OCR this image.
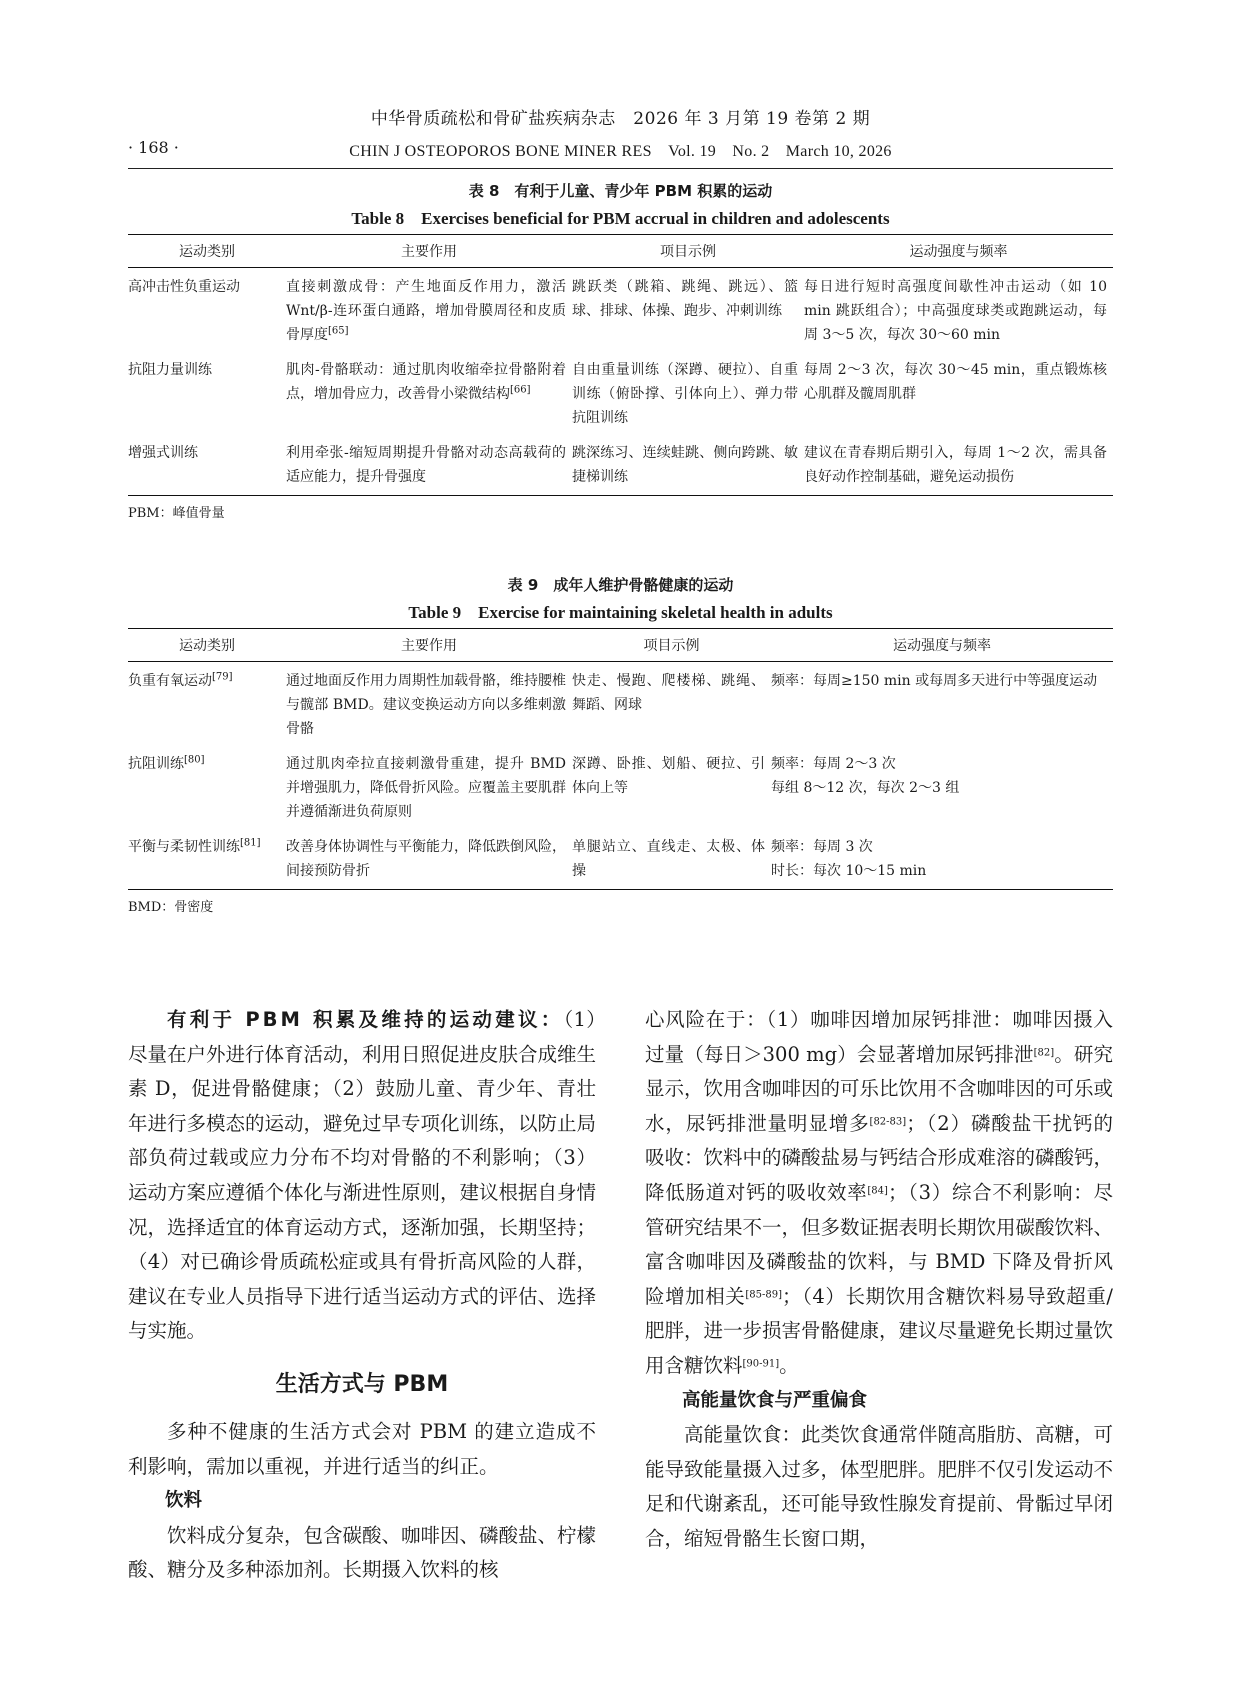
中华骨质疏松和骨矿盐疾病杂志　2026 年 3 月第 19 卷第 2 期
· 168 ·	CHIN J OSTEOPOROS BONE MINER RES　Vol. 19　No. 2　March 10, 2026
表 8　有利于儿童、青少年 PBM 积累的运动
Table 8　Exercises beneficial for PBM accrual in children and adolescents
运动类别	主要作用	项目示例	运动强度与频率
高冲击性负重运动	直接刺激成骨：产生地面反作用力，激活 Wnt/β-连环蛋白通路，增加骨膜周径和皮质骨厚度[65]	跳跃类（跳箱、跳绳、跳远）、篮球、排球、体操、跑步、冲刺训练	每日进行短时高强度间歇性冲击运动（如 10 min 跳跃组合）；中高强度球类或跑跳运动，每周 3～5 次，每次 30～60 min
抗阻力量训练	肌肉-骨骼联动：通过肌肉收缩牵拉骨骼附着点，增加骨应力，改善骨小梁微结构[66]	自由重量训练（深蹲、硬拉）、自重训练（俯卧撑、引体向上）、弹力带抗阻训练	每周 2～3 次，每次 30～45 min，重点锻炼核心肌群及髋周肌群
增强式训练	利用牵张-缩短周期提升骨骼对动态高载荷的适应能力，提升骨强度	跳深练习、连续蛙跳、侧向跨跳、敏捷梯训练	建议在青春期后期引入，每周 1～2 次，需具备良好动作控制基础，避免运动损伤
PBM：峰值骨量
表 9　成年人维护骨骼健康的运动
Table 9　Exercise for maintaining skeletal health in adults
运动类别	主要作用	项目示例	运动强度与频率
负重有氧运动[79]	通过地面反作用力周期性加载骨骼，维持腰椎与髋部 BMD。建议变换运动方向以多维刺激骨骼	快走、慢跑、爬楼梯、跳绳、舞蹈、网球	频率：每周≥150 min 或每周多天进行中等强度运动

抗阻训练[80]	通过肌肉牵拉直接刺激骨重建，提升 BMD 并增强肌力，降低骨折风险。应覆盖主要肌群并遵循渐进负荷原则	深蹲、卧推、划船、硬拉、引体向上等	频率：每周 2～3 次
每组 8～12 次，每次 2～3 组

平衡与柔韧性训练[81]	改善身体协调性与平衡能力，降低跌倒风险，间接预防骨折	单腿站立、直线走、太极、体操	频率：每周 3 次
时长：每次 10～15 min
BMD：骨密度

有利于 PBM 积累及维持的运动建议：（1）尽量在户外进行体育活动，利用日照促进皮肤合成维生素 D，促进骨骼健康；（2）鼓励儿童、青少年、青壮年进行多模态的运动，避免过早专项化训练，以防止局部负荷过载或应力分布不均对骨骼的不利影响；（3）运动方案应遵循个体化与渐进性原则，建议根据自身情况，选择适宜的体育运动方式，逐渐加强，长期坚持；（4）对已确诊骨质疏松症或具有骨折高风险的人群，建议在专业人员指导下进行适当运动方式的评估、选择与实施。

生活方式与 PBM

多种不健康的生活方式会对 PBM 的建立造成不利影响，需加以重视，并进行适当的纠正。

饮料

饮料成分复杂，包含碳酸、咖啡因、磷酸盐、柠檬酸、糖分及多种添加剂。长期摄入饮料的核

心风险在于：（1）咖啡因增加尿钙排泄：咖啡因摄入过量（每日＞300 mg）会显著增加尿钙排泄[82]。研究显示，饮用含咖啡因的可乐比饮用不含咖啡因的可乐或水，尿钙排泄量明显增多[82-83]；（2）磷酸盐干扰钙的吸收：饮料中的磷酸盐易与钙结合形成难溶的磷酸钙，降低肠道对钙的吸收效率[84]；（3）综合不利影响：尽管研究结果不一，但多数证据表明长期饮用碳酸饮料、富含咖啡因及磷酸盐的饮料，与 BMD 下降及骨折风险增加相关[85-89]；（4）长期饮用含糖饮料易导致超重/肥胖，进一步损害骨骼健康，建议尽量避免长期过量饮用含糖饮料[90-91]。

高能量饮食与严重偏食

高能量饮食：此类饮食通常伴随高脂肪、高糖，可能导致能量摄入过多，体型肥胖。肥胖不仅引发运动不足和代谢紊乱，还可能导致性腺发育提前、骨骺过早闭合，缩短骨骼生长窗口期，
